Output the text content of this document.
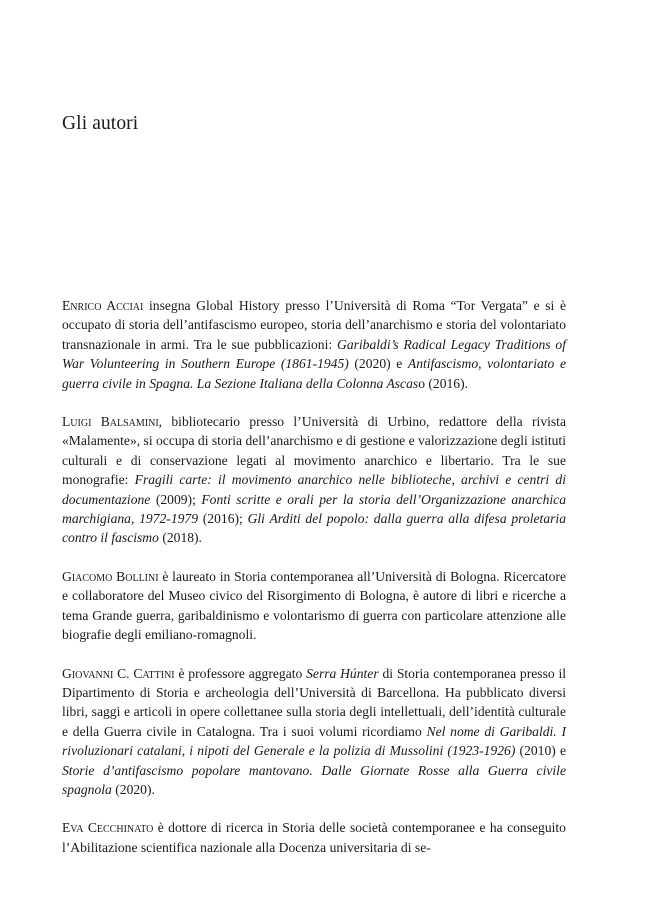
Gli autori

Enrico Acciai insegna Global History presso l’Università di Roma “Tor Vergata” e si è occupato di storia dell’antifascismo europeo, storia dell’anarchismo e storia del volontariato transnazionale in armi. Tra le sue pubblicazioni: Garibaldi’s Radical Legacy Traditions of War Volunteering in Southern Europe (1861-1945) (2020) e Antifascismo, volontariato e guerra civile in Spagna. La Sezione Italiana della Colonna Ascaso (2016).

Luigi Balsamini, bibliotecario presso l’Università di Urbino, redattore della rivista «Malamente», si occupa di storia dell’anarchismo e di gestione e valorizzazione degli istituti culturali e di conservazione legati al movimento anarchico e libertario. Tra le sue monografie: Fragili carte: il movimento anarchico nelle biblioteche, archivi e centri di documentazione (2009); Fonti scritte e orali per la storia dell’Organizzazione anarchica marchigiana, 1972-1979 (2016); Gli Arditi del popolo: dalla guerra alla difesa proletaria contro il fascismo (2018).

Giacomo Bollini è laureato in Storia contemporanea all’Università di Bologna. Ricercatore e collaboratore del Museo civico del Risorgimento di Bologna, è autore di libri e ricerche a tema Grande guerra, garibaldinismo e volontarismo di guerra con particolare attenzione alle biografie degli emiliano-romagnoli.

Giovanni C. Cattini è professore aggregato Serra Húnter di Storia contemporanea presso il Dipartimento di Storia e archeologia dell’Università di Barcellona. Ha pubblicato diversi libri, saggi e articoli in opere collettanee sulla storia degli intellettuali, dell’identità culturale e della Guerra civile in Catalogna. Tra i suoi volumi ricordiamo Nel nome di Garibaldi. I rivoluzionari catalani, i nipoti del Generale e la polizia di Mussolini (1923-1926) (2010) e Storie d’antifascismo popolare mantovano. Dalle Giornate Rosse alla Guerra civile spagnola (2020).

Eva Cecchinato è dottore di ricerca in Storia delle società contemporanee e ha conseguito l’Abilitazione scientifica nazionale alla Docenza universitaria di se-
